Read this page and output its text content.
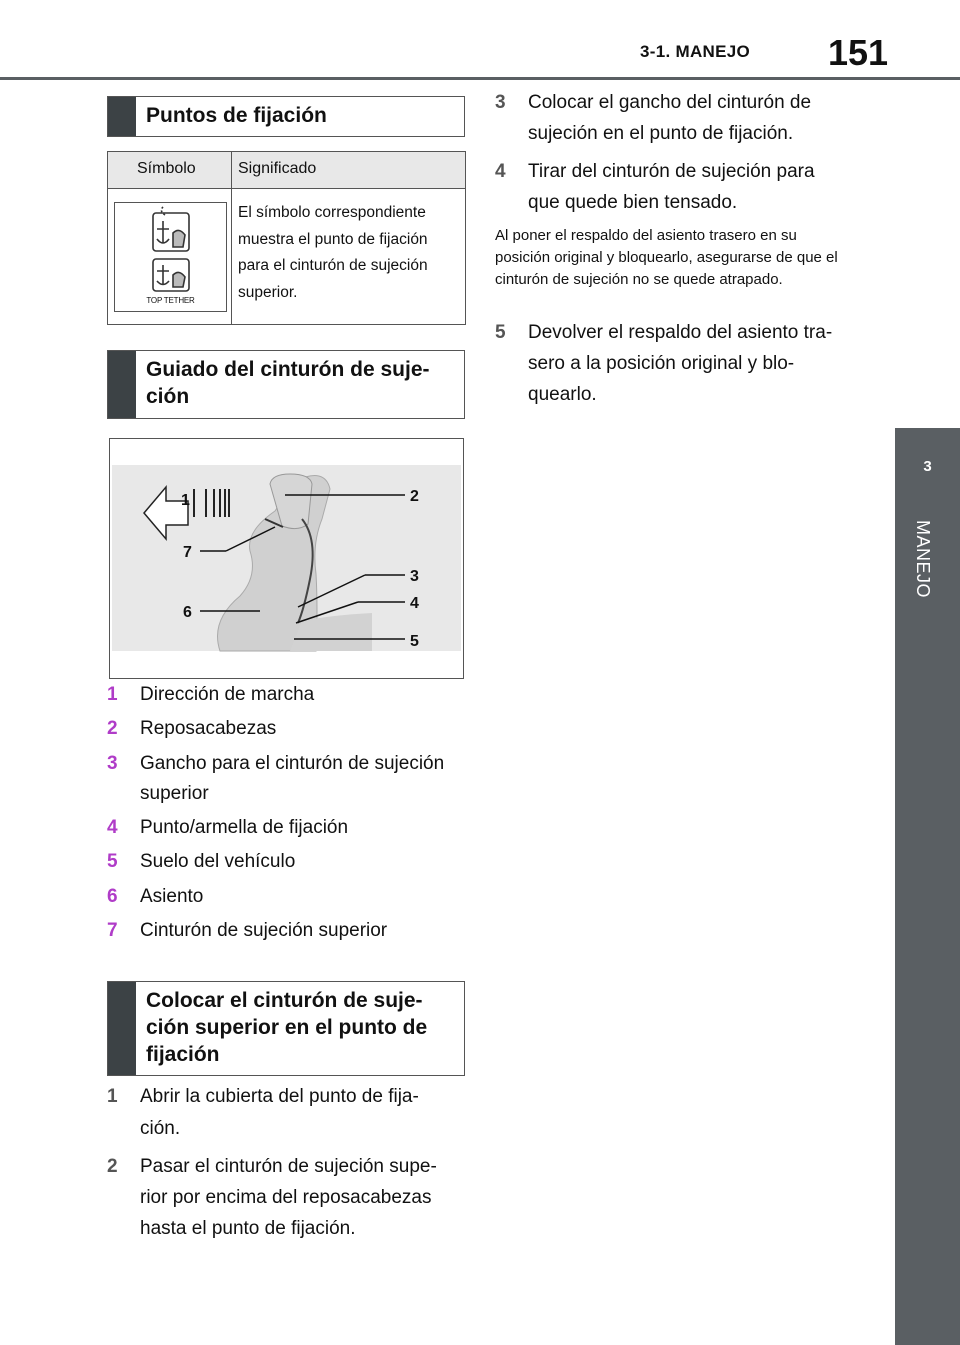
3-1. MANEJO 151
3
MANEJO
Puntos de fijación
Símbolo	Significado
TOP TETHER
El símbolo correspondiente muestra el punto de fijación para el cinturón de sujeción superior.
Guiado del cinturón de suje-
ción
1	2
3
4
5
6
7
1 Dirección de marcha
2 Reposacabezas
3 Gancho para el cinturón de sujeción
superior
4 Punto/armella de fijación
5 Suelo del vehículo
6 Asiento
7 Cinturón de sujeción superior
Colocar el cinturón de suje-
ción superior en el punto de
fijación
1 Abrir la cubierta del punto de fija-
ción.
2 Pasar el cinturón de sujeción supe-
rior por encima del reposacabezas
hasta el punto de fijación.
3 Colocar el gancho del cinturón de
sujeción en el punto de fijación.
4 Tirar del cinturón de sujeción para
que quede bien tensado.
Al poner el respaldo del asiento trasero en su posición original y bloquearlo, asegurarse de que el cinturón de sujeción no se quede atrapado.
5 Devolver el respaldo del asiento tra-
sero a la posición original y blo-
quearlo.
